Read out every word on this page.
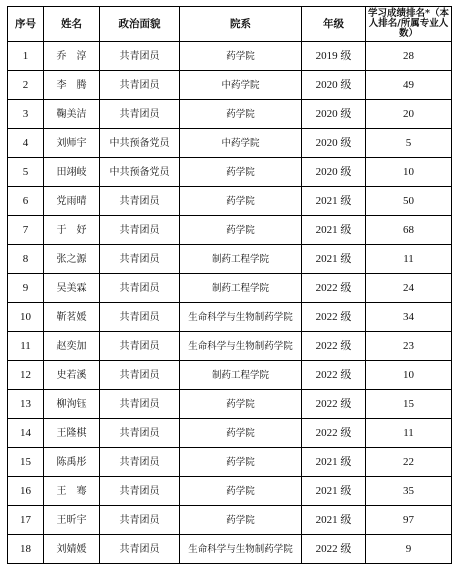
序号	姓名	政治面貌	院系	年级	学习成绩排名*（本人排名/所属专业人数）
1	乔　淳	共青团员	药学院	2019 级	28
2	李　腾	共青团员	中药学院	2020 级	49
3	鞠美洁	共青团员	药学院	2020 级	20
4	刘师宇	中共预备党员	中药学院	2020 级	5
5	田翊岐	中共预备党员	药学院	2020 级	10
6	党雨晴	共青团员	药学院	2021 级	50
7	于　妤	共青团员	药学院	2021 级	68
8	张之源	共青团员	制药工程学院	2021 级	11
9	吴美霖	共青团员	制药工程学院	2022 级	24
10	靳茗媛	共青团员	生命科学与生物制药学院	2022 级	34
11	赵奕加	共青团员	生命科学与生物制药学院	2022 级	23
12	史若溪	共青团员	制药工程学院	2022 级	10
13	柳洵钰	共青团员	药学院	2022 级	15
14	王隆棋	共青团员	药学院	2022 级	11
15	陈禹彤	共青团员	药学院	2021 级	22
16	王　骞	共青团员	药学院	2021 级	35
17	王昕宇	共青团员	药学院	2021 级	97
18	刘婧媛	共青团员	生命科学与生物制药学院	2022 级	9
